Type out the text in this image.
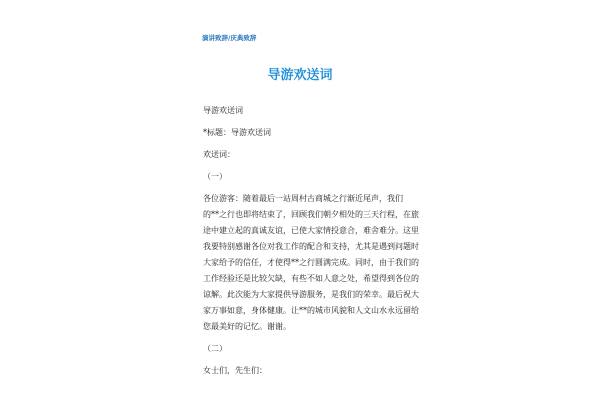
演讲致辞/庆典致辞
导游欢送词

导游欢送词

*标题：导游欢送词

欢送词：

（一）

各位游客：随着最后一站周村古商城之行渐近尾声，我们

的**之行也即将结束了，回顾我们朝夕相处的三天行程，在旅

途中建立起的真诚友谊，已使大家情投意合，难舍难分。这里

我要特别感谢各位对我工作的配合和支持，尤其是遇到问题时

大家给予的信任，才使得**之行圆满完成。同时，由于我们的

工作经验还是比较欠缺，有些不如人意之处，希望得到各位的

谅解。此次能为大家提供导游服务，是我们的荣幸。最后祝大

家万事如意，身体健康。让**的城市风貌和人文山水永远留给

您最美好的记忆。谢谢。

（二）

女士们，先生们：
